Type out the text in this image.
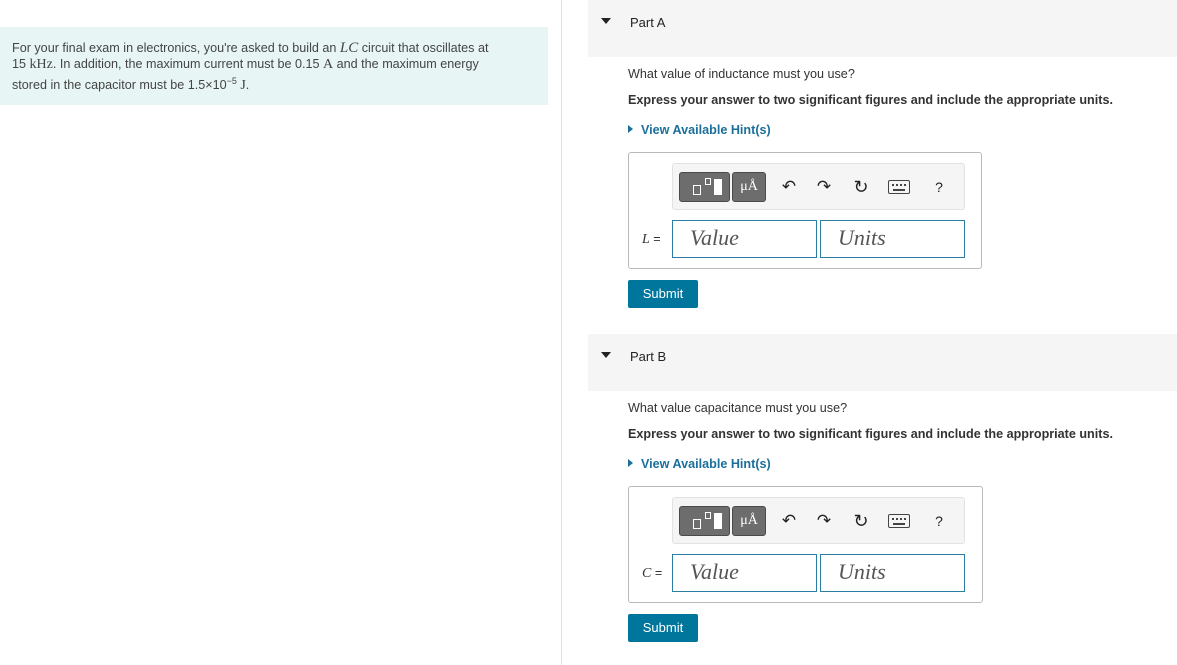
For your final exam in electronics, you're asked to build an LC circuit that oscillates at
15 kHz. In addition, the maximum current must be 0.15 A and the maximum energy
stored in the capacitor must be $1.5\times 10^{-5}$ J.
Part A
What value of inductance must you use?
Express your answer to two significant figures and include the appropriate units.
View Available Hint(s)
μÅ	↶ ↷ ↻	?
L =	Value	Units
Submit
Part B
What value capacitance must you use?
Express your answer to two significant figures and include the appropriate units.
View Available Hint(s)
μÅ	↶ ↷ ↻	?
C =	Value	Units
Submit
